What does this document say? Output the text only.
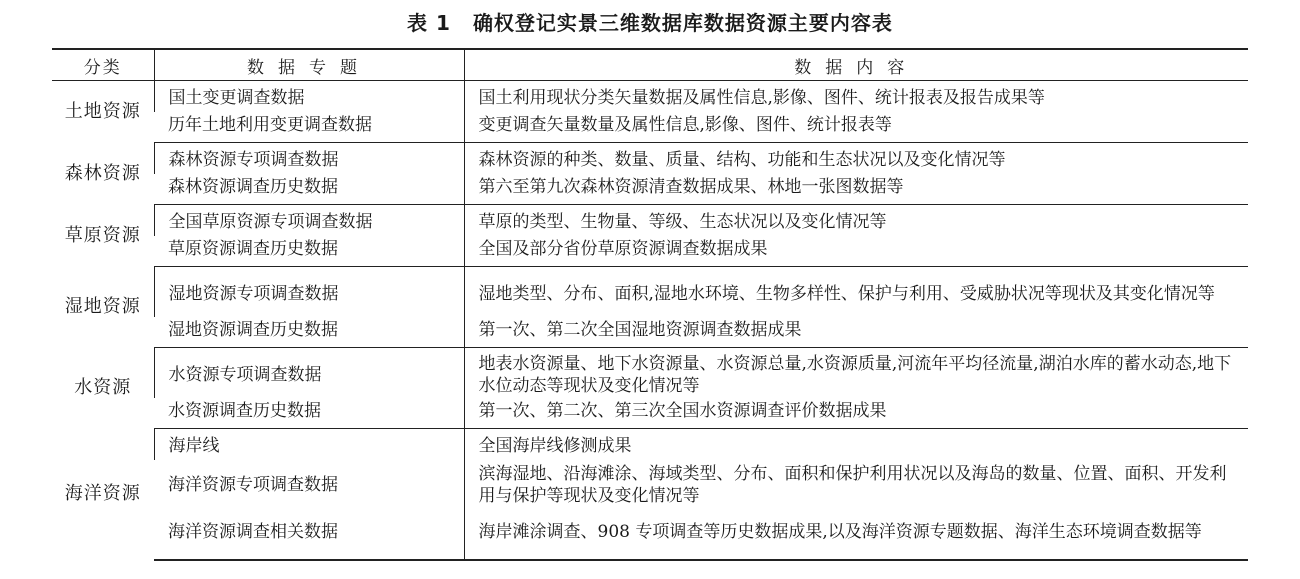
表 1 确权登记实景三维数据库数据资源主要内容表
分类	数据专题	数据内容
土地资源	国土变更调查数据	国土利用现状分类矢量数据及属性信息,影像、图件、统计报表及报告成果等
	历年土地利用变更调查数据	变更调查矢量数量及属性信息,影像、图件、统计报表等
森林资源	森林资源专项调查数据	森林资源的种类、数量、质量、结构、功能和生态状况以及变化情况等
	森林资源调查历史数据	第六至第九次森林资源清查数据成果、林地一张图数据等
草原资源	全国草原资源专项调查数据	草原的类型、生物量、等级、生态状况以及变化情况等
	草原资源调查历史数据	全国及部分省份草原资源调查数据成果
湿地资源	湿地资源专项调查数据	湿地类型、分布、面积,湿地水环境、生物多样性、保护与利用、受威胁状况等现状及其变化情况等
	湿地资源调查历史数据	第一次、第二次全国湿地资源调查数据成果
水资源	水资源专项调查数据	地表水资源量、地下水资源量、水资源总量,水资源质量,河流年平均径流量,湖泊水库的蓄水动态,地下水位动态等现状及变化情况等
	水资源调查历史数据	第一次、第二次、第三次全国水资源调查评价数据成果
海洋资源	海岸线	全国海岸线修测成果
	海洋资源专项调查数据	滨海湿地、沿海滩涂、海域类型、分布、面积和保护利用状况以及海岛的数量、位置、面积、开发利用与保护等现状及变化情况等
	海洋资源调查相关数据	海岸滩涂调查、908 专项调查等历史数据成果,以及海洋资源专题数据、海洋生态环境调查数据等
